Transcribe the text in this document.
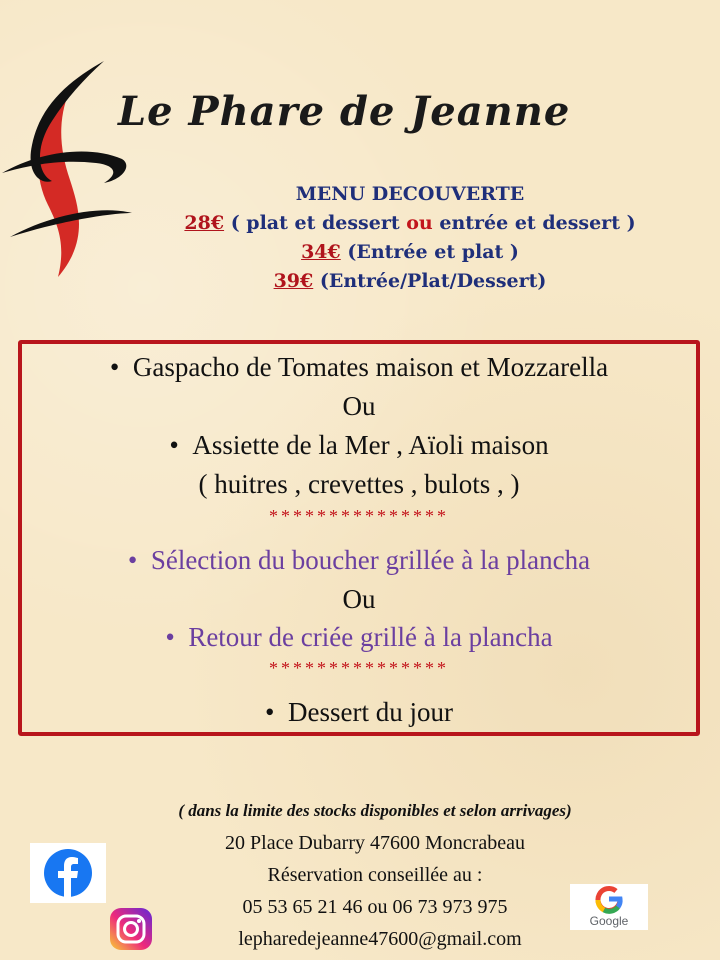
Le Phare de Jeanne
MENU DECOUVERTE
28€ ( plat et dessert ou entrée et dessert )
34€ (Entrée et plat )
39€ (Entrée/Plat/Dessert)
• Gaspacho de Tomates maison et Mozzarella
Ou
• Assiette de la Mer , Aïoli maison
( huitres , crevettes , bulots , )
***************
• Sélection du boucher grillée à la plancha
Ou
• Retour de criée grillé à la plancha
***************
• Dessert du jour
( dans la limite des stocks disponibles et selon arrivages)
20 Place Dubarry 47600 Moncrabeau
Réservation conseillée au :
05 53 65 21 46 ou 06 73 973 975
lepharedejeanne47600@gmail.com
Google
